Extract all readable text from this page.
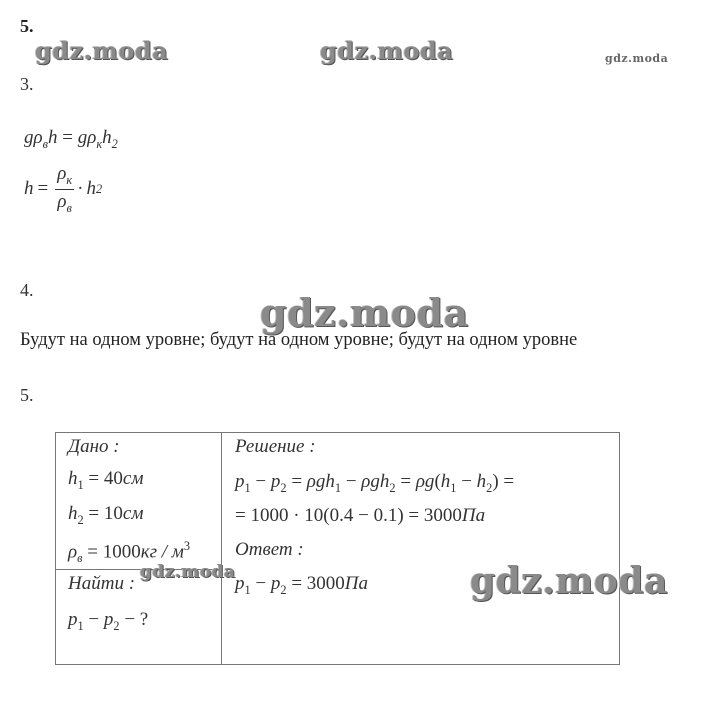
5.
gdz.moda	gdz.moda	gdz.moda
3.
$g\rho_вh = g\rho_кh_2$
$h = \frac{\rho_к}{\rho_в} \cdot h$ 2
4.	gdz.moda
Будут на одном уровне; будут на одном уровне; будут на одном уровне
5.
Дано :
$h_1 = 40см$
$h_2 = 10см$
$\rho_в = 1000кг / м^3$
Найти :
gdz.moda
$p_1 - p_2$ − ?
Решение :
$p_1 - p_2 = \rho gh_1 - \rho gh_2 = \rho g(h_1 - h_2)$ =
= 1000 · 10(0.4 − 0.1) = 3000Па
Ответ :
$p_1 - p_2 = 3000Па$	gdz.moda
